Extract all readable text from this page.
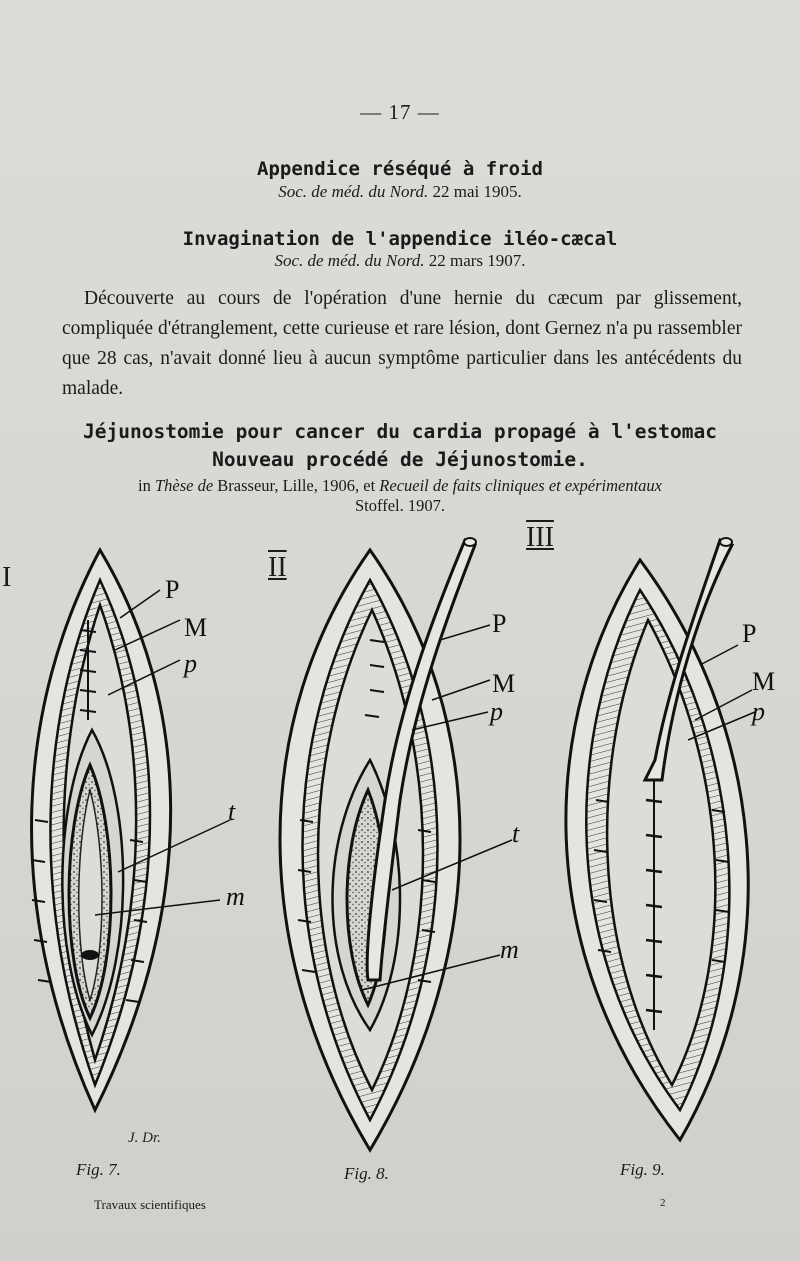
— 17 —
Appendice réséqué à froid
Soc. de méd. du Nord. 22 mai 1905.
Invagination de l'appendice iléo-cæcal
Soc. de méd. du Nord. 22 mars 1907.
Découverte au cours de l'opération d'une hernie du cæcum par glissement, compliquée d'étranglement, cette curieuse et rare lésion, dont Gernez n'a pu rassembler que 28 cas, n'avait donné lieu à aucun symptôme particulier dans les antécédents du malade.
Jéjunostomie pour cancer du cardia propagé à l'estomac
Nouveau procédé de Jéjunostomie.
in Thèse de Brasseur, Lille, 1906, et Recueil de faits cliniques et expérimentaux
Stoffel. 1907.
I	II
III
P
M
p
t
m
J. Dr.
P
M
p
t
m
P
M
p
Fig. 7.	Fig. 8.	Fig. 9.
Travaux scientifiques	2
